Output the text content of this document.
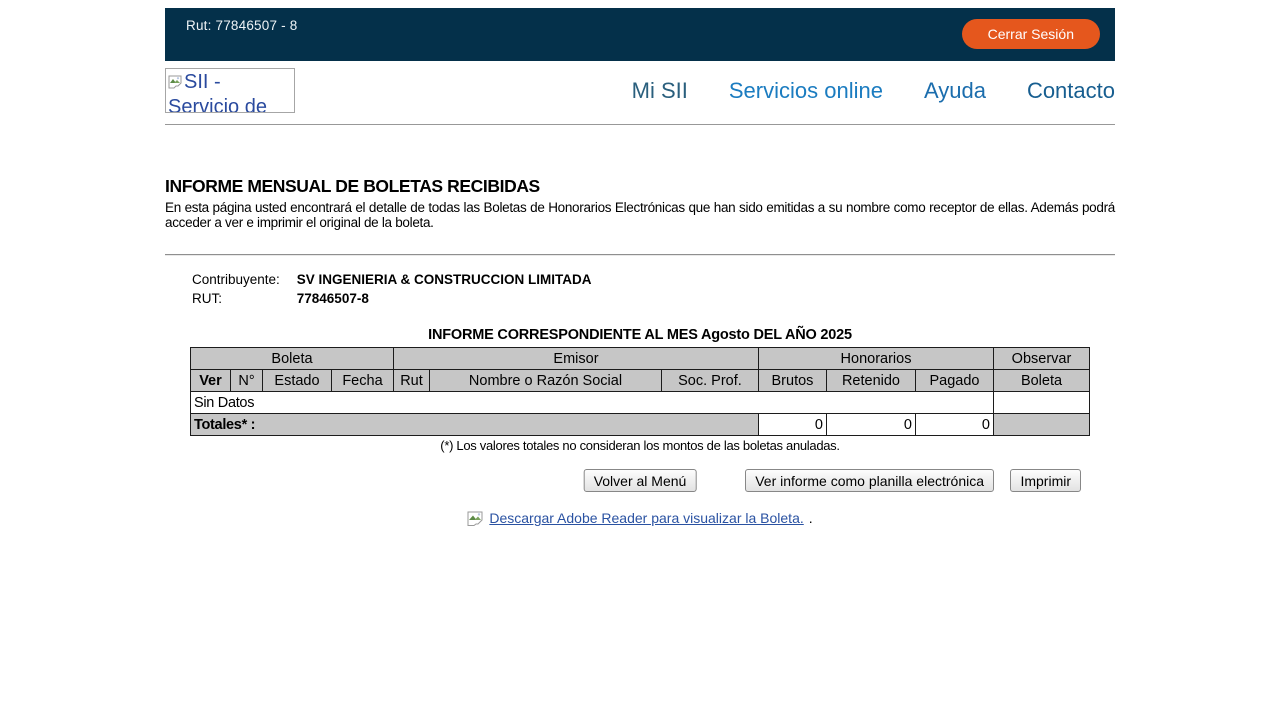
Rut: 77846507 - 8
Cerrar Sesión
SII - Servicio de
Mi SII Servicios online Ayuda Contacto
INFORME MENSUAL DE BOLETAS RECIBIDAS

En esta página usted encontrará el detalle de todas las Boletas de Honorarios Electrónicas que han sido emitidas a su nombre como receptor de ellas. Además podrá acceder a ver e imprimir el original de la boleta.

Contribuyente: SV INGENIERIA & CONSTRUCCION LIMITADA
RUT:	77846507-8
INFORME CORRESPONDIENTE AL MES Agosto DEL AÑO 2025
Boleta				Emisor			Honorarios			Observar
Ver	N°	Estado	Fecha	Rut	Nombre o Razón Social	Soc. Prof.	Brutos	Retenido	Pagado	Boleta
Sin Datos										
Totales* :							0	0	0	
(*) Los valores totales no consideran los montos de las boletas anuladas.
Volver al Menú	Ver informe como planilla electrónica	Imprimir
Descargar Adobe Reader para visualizar la Boleta. .
